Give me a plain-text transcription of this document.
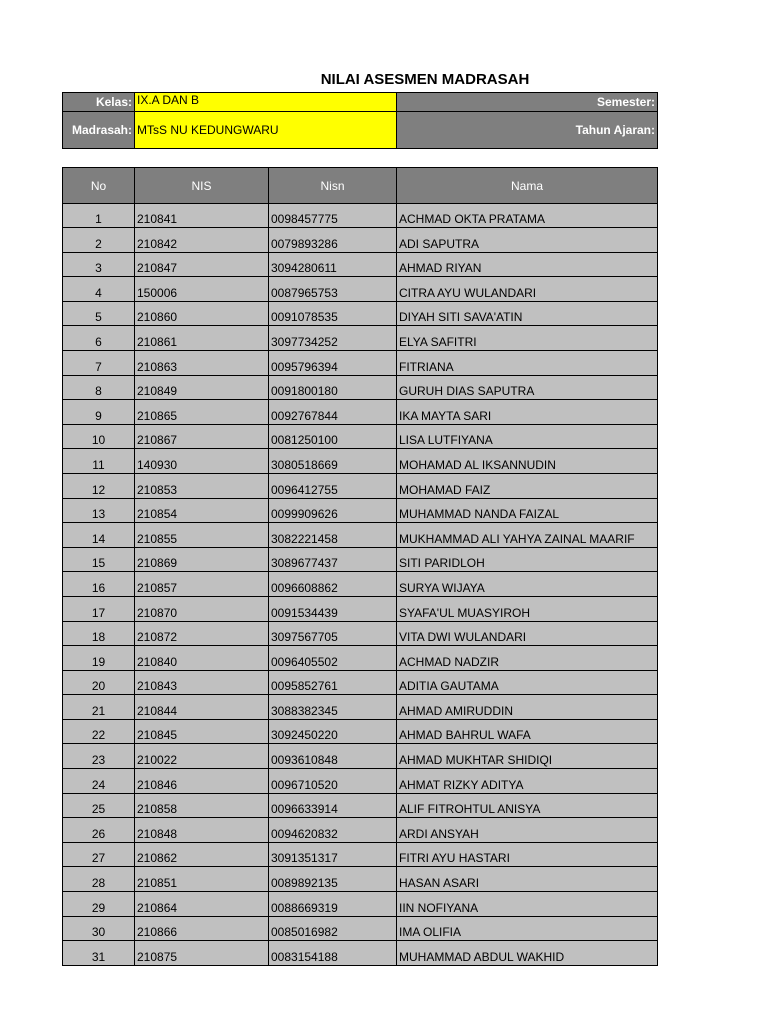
NILAI ASESMEN MADRASAH
Kelas:	IX.A DAN B	Semester:
Madrasah:	MTsS NU KEDUNGWARU	Tahun Ajaran:
No	NIS	Nisn	Nama
1	210841	0098457775	ACHMAD OKTA PRATAMA
2	210842	0079893286	ADI SAPUTRA
3	210847	3094280611	AHMAD RIYAN
4	150006	0087965753	CITRA AYU WULANDARI
5	210860	0091078535	DIYAH SITI SAVA'ATIN
6	210861	3097734252	ELYA SAFITRI
7	210863	0095796394	FITRIANA
8	210849	0091800180	GURUH DIAS SAPUTRA
9	210865	0092767844	IKA MAYTA SARI
10	210867	0081250100	LISA LUTFIYANA
11	140930	3080518669	MOHAMAD AL IKSANNUDIN
12	210853	0096412755	MOHAMAD FAIZ
13	210854	0099909626	MUHAMMAD NANDA FAIZAL
14	210855	3082221458	MUKHAMMAD ALI YAHYA ZAINAL MAARIF
15	210869	3089677437	SITI PARIDLOH
16	210857	0096608862	SURYA WIJAYA
17	210870	0091534439	SYAFA'UL MUASYIROH
18	210872	3097567705	VITA DWI WULANDARI
19	210840	0096405502	ACHMAD NADZIR
20	210843	0095852761	ADITIA GAUTAMA
21	210844	3088382345	AHMAD AMIRUDDIN
22	210845	3092450220	AHMAD BAHRUL WAFA
23	210022	0093610848	AHMAD MUKHTAR SHIDIQI
24	210846	0096710520	AHMAT RIZKY ADITYA
25	210858	0096633914	ALIF FITROHTUL ANISYA
26	210848	0094620832	ARDI ANSYAH
27	210862	3091351317	FITRI AYU HASTARI
28	210851	0089892135	HASAN ASARI
29	210864	0088669319	IIN NOFIYANA
30	210866	0085016982	IMA OLIFIA
31	210875	0083154188	MUHAMMAD ABDUL WAKHID
